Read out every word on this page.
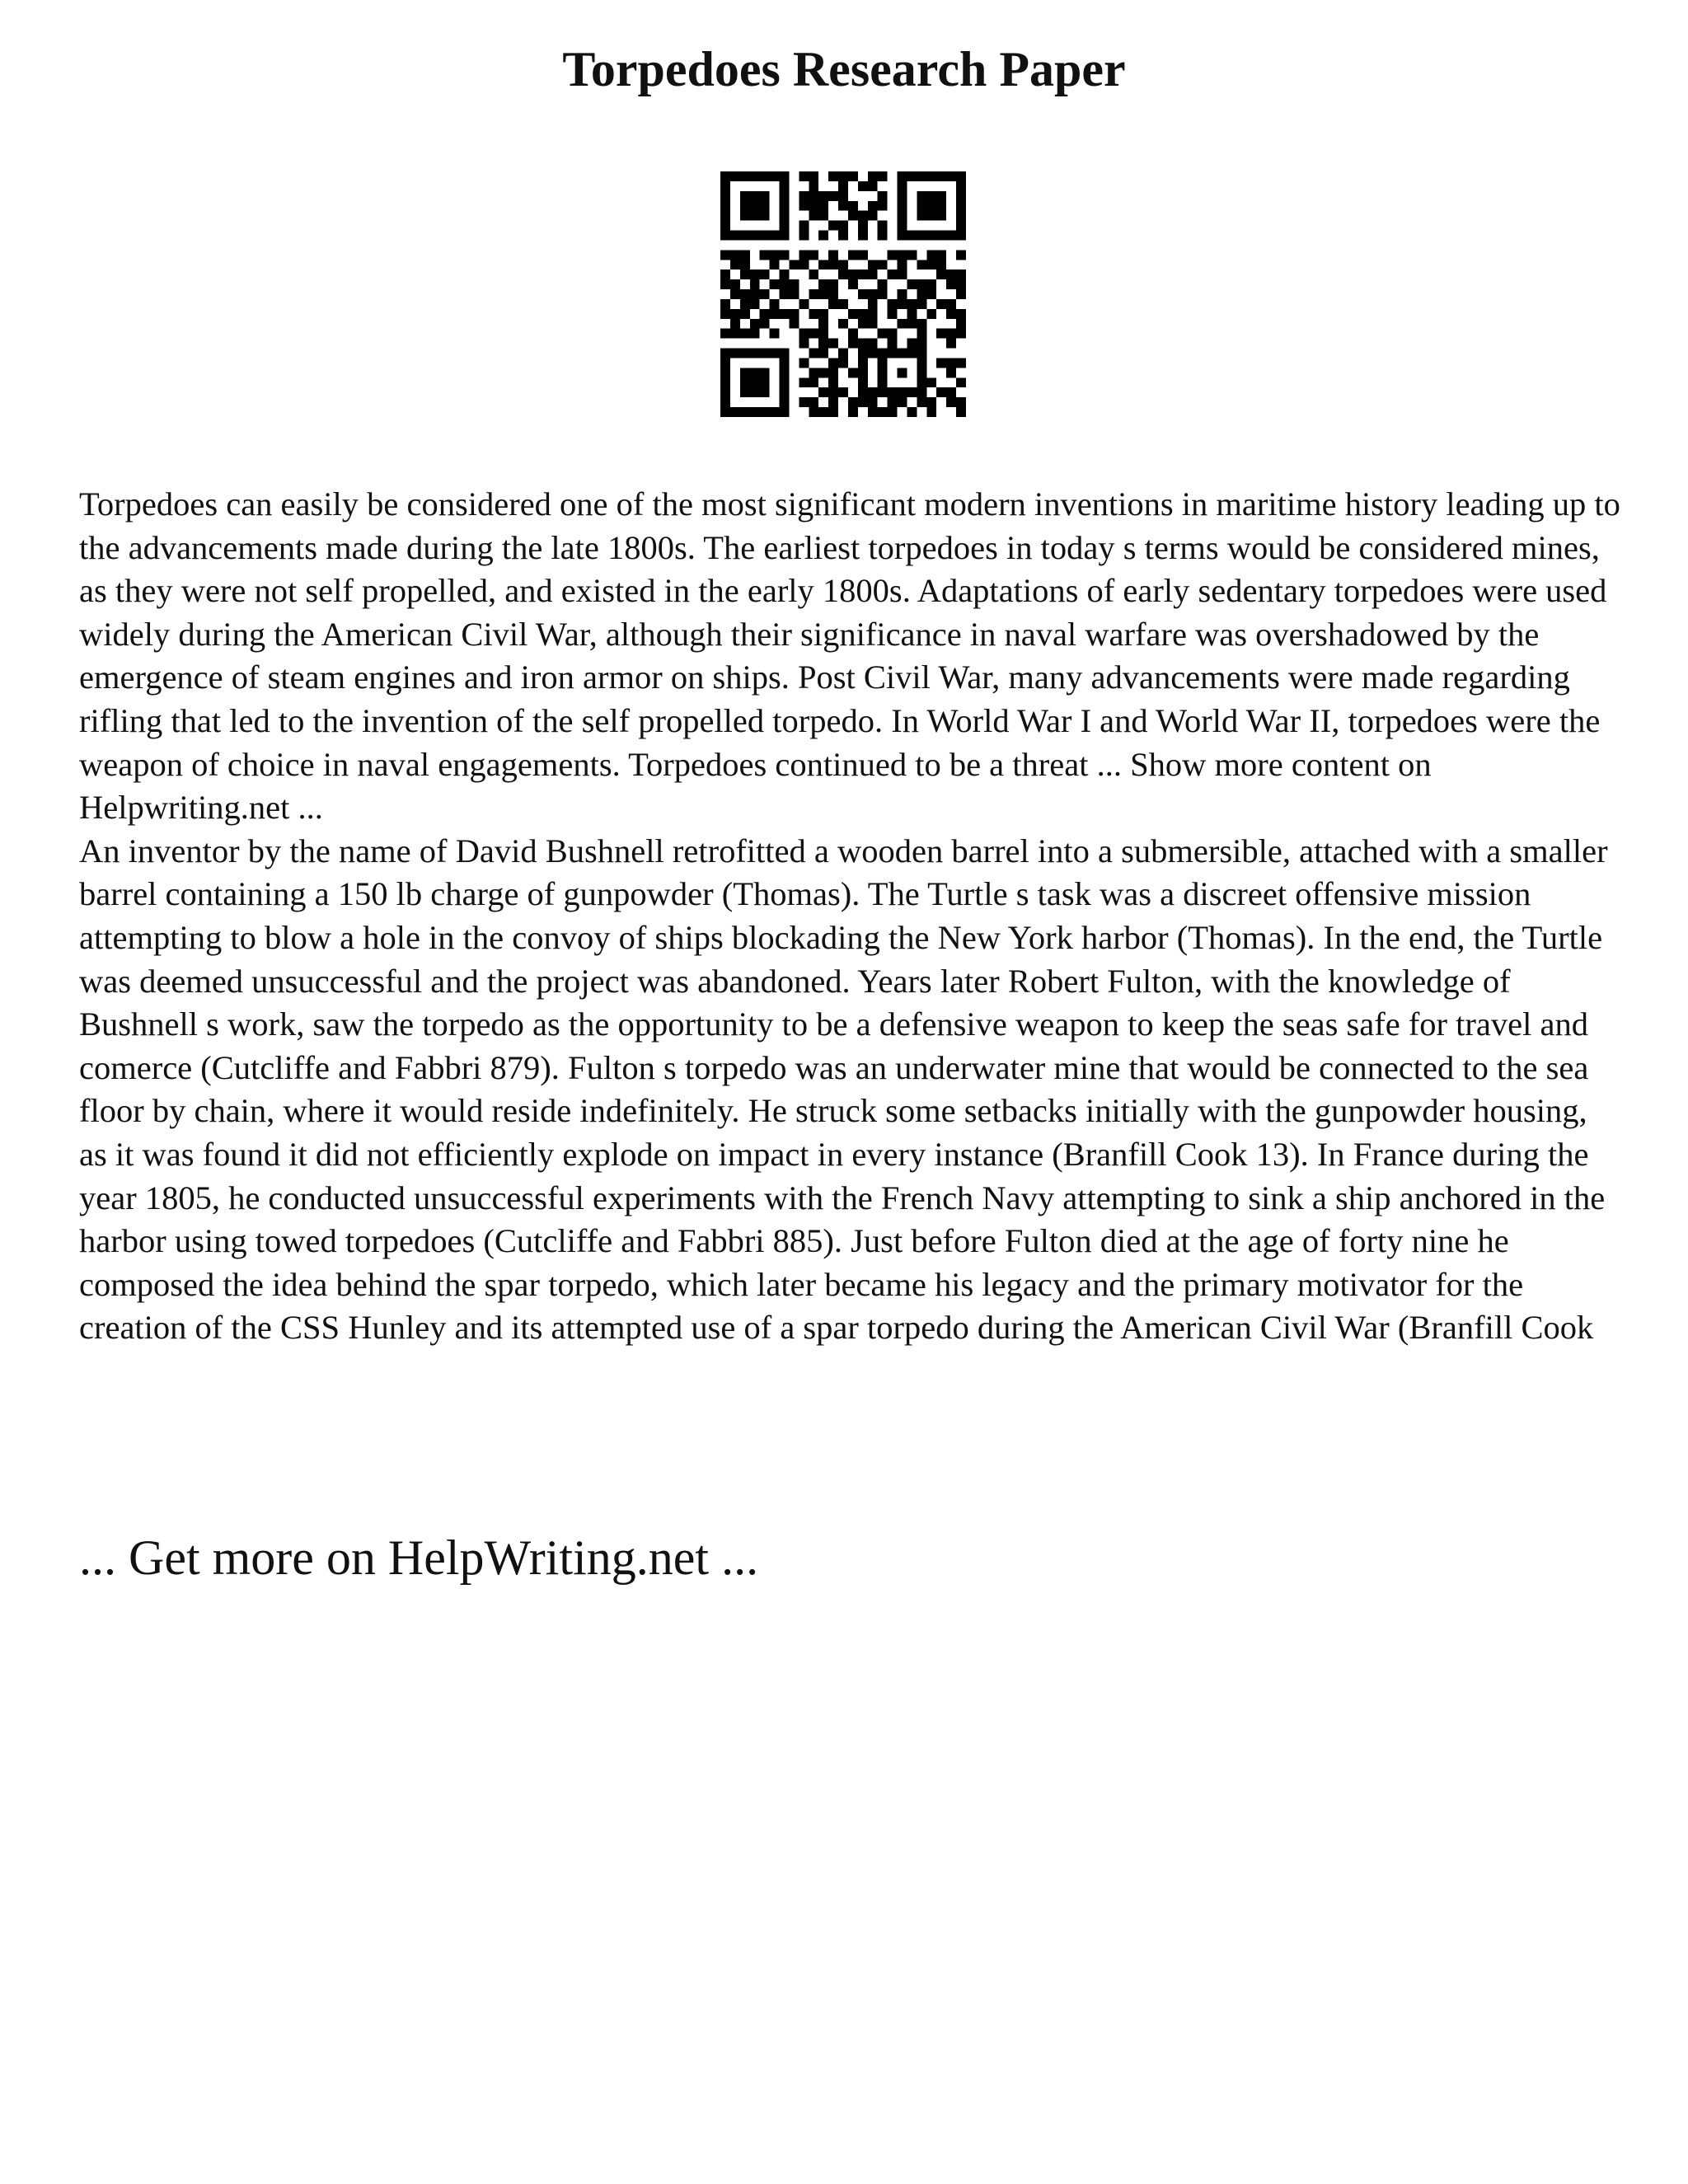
Torpedoes Research Paper

Torpedoes can easily be considered one of the most significant modern inventions in maritime history leading up to the advancements made during the late 1800s. The earliest torpedoes in today s terms would be considered mines, as they were not self propelled, and existed in the early 1800s. Adaptations of early sedentary torpedoes were used widely during the American Civil War, although their significance in naval warfare was overshadowed by the emergence of steam engines and iron armor on ships. Post Civil War, many advancements were made regarding rifling that led to the invention of the self propelled torpedo. In World War I and World War II, torpedoes were the weapon of choice in naval engagements. Torpedoes continued to be a threat ... Show more content on Helpwriting.net ...

An inventor by the name of David Bushnell retrofitted a wooden barrel into a submersible, attached with a smaller barrel containing a 150 lb charge of gunpowder (Thomas). The Turtle s task was a discreet offensive mission attempting to blow a hole in the convoy of ships blockading the New York harbor (Thomas). In the end, the Turtle was deemed unsuccessful and the project was abandoned. Years later Robert Fulton, with the knowledge of Bushnell s work, saw the torpedo as the opportunity to be a defensive weapon to keep the seas safe for travel and comerce (Cutcliffe and Fabbri 879). Fulton s torpedo was an underwater mine that would be connected to the sea floor by chain, where it would reside indefinitely. He struck some setbacks initially with the gunpowder housing, as it was found it did not efficiently explode on impact in every instance (Branfill Cook 13). In France during the year 1805, he conducted unsuccessful experiments with the French Navy attempting to sink a ship anchored in the harbor using towed torpedoes (Cutcliffe and Fabbri 885). Just before Fulton died at the age of forty nine he composed the idea behind the spar torpedo, which later became his legacy and the primary motivator for the creation of the CSS Hunley and its attempted use of a spar torpedo during the American Civil War (Branfill Cook

... Get more on HelpWriting.net ...
